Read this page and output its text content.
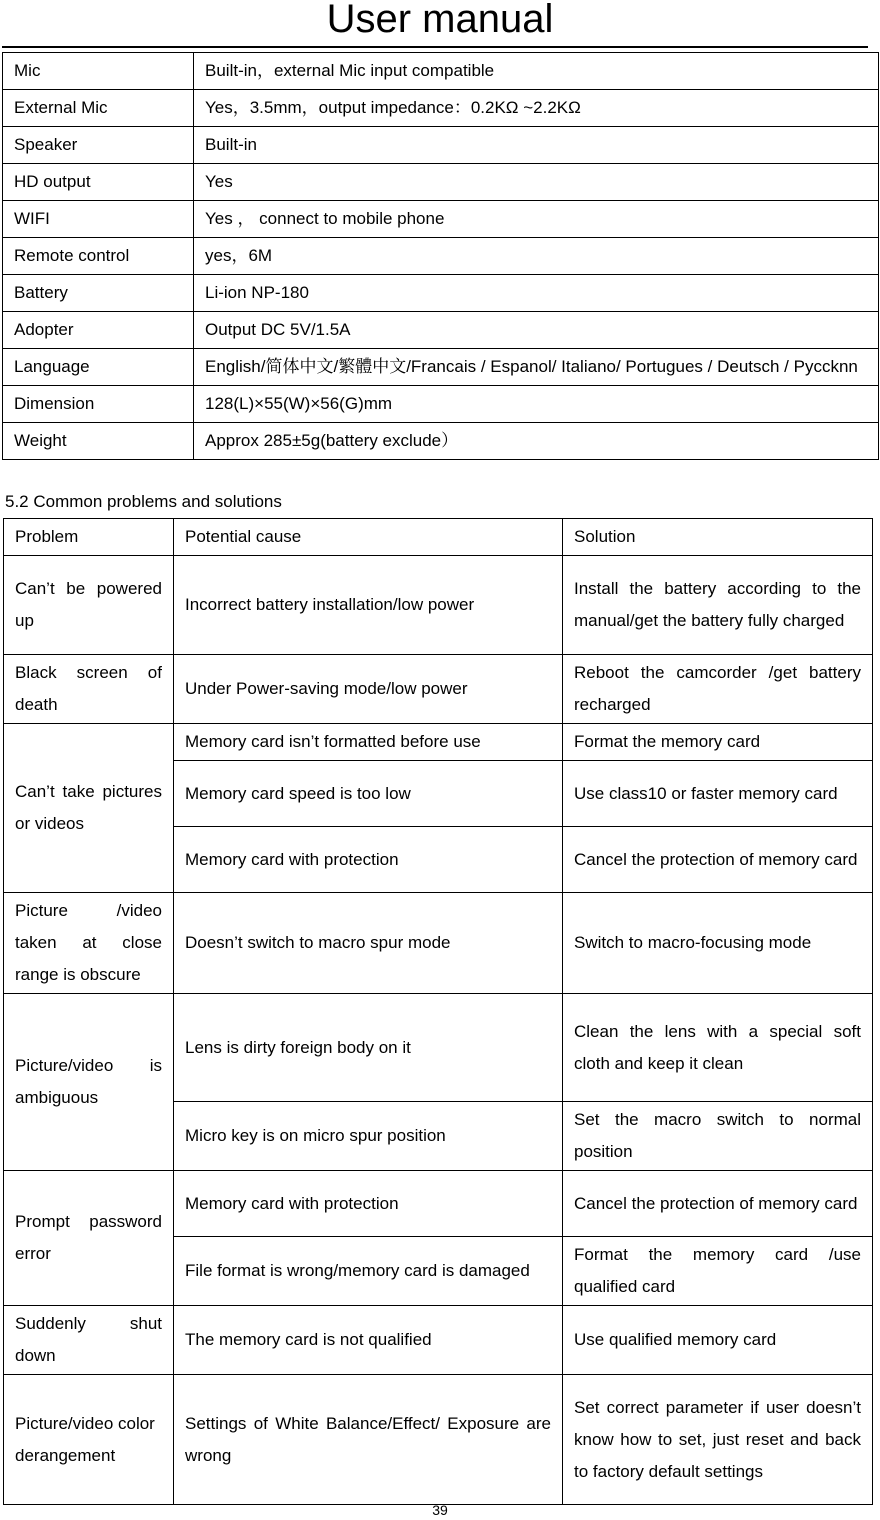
User manual
Mic	Built-in，external Mic input compatible
External Mic	Yes，3.5mm，output impedance：0.2KΩ ~2.2KΩ
Speaker	Built-in
HD output	Yes
WIFI	Yes ， connect to mobile phone
Remote control	yes，6M
Battery	Li-ion NP-180
Adopter	Output DC 5V/1.5A
Language	English/简体中文/繁體中文/Francais / Espanol/ Italiano/ Portugues / Deutsch / Pyccknn
Dimension	128(L)×55(W)×56(G)mm
Weight	Approx 285±5g(battery exclude）
5.2 Common problems and solutions
Problem	Potential cause	Solution
Can’t be powered up	Incorrect battery installation/low power	Install the battery according to the manual/get the battery fully charged
Black screen of death	Under Power-saving mode/low power	Reboot the camcorder /get battery recharged
Can’t take pictures or videos	Memory card isn’t formatted before use	Format the memory card
	Memory card speed is too low	Use class10 or faster memory card
	Memory card with protection	Cancel the protection of memory card
Picture /video taken at close range is obscure	Doesn’t switch to macro spur mode	Switch to macro-focusing mode
Picture/video is ambiguous	Lens is dirty foreign body on it	Clean the lens with a special soft cloth and keep it clean
	Micro key is on micro spur position	Set the macro switch to normal position
Prompt password error	Memory card with protection	Cancel the protection of memory card
	File format is wrong/memory card is damaged	Format the memory card /use qualified card
Suddenly shut down	The memory card is not qualified	Use qualified memory card
Picture/video color derangement	Settings of White Balance/Effect/ Exposure are wrong	Set correct parameter if user doesn’t know how to set, just reset and back to factory default settings
39
